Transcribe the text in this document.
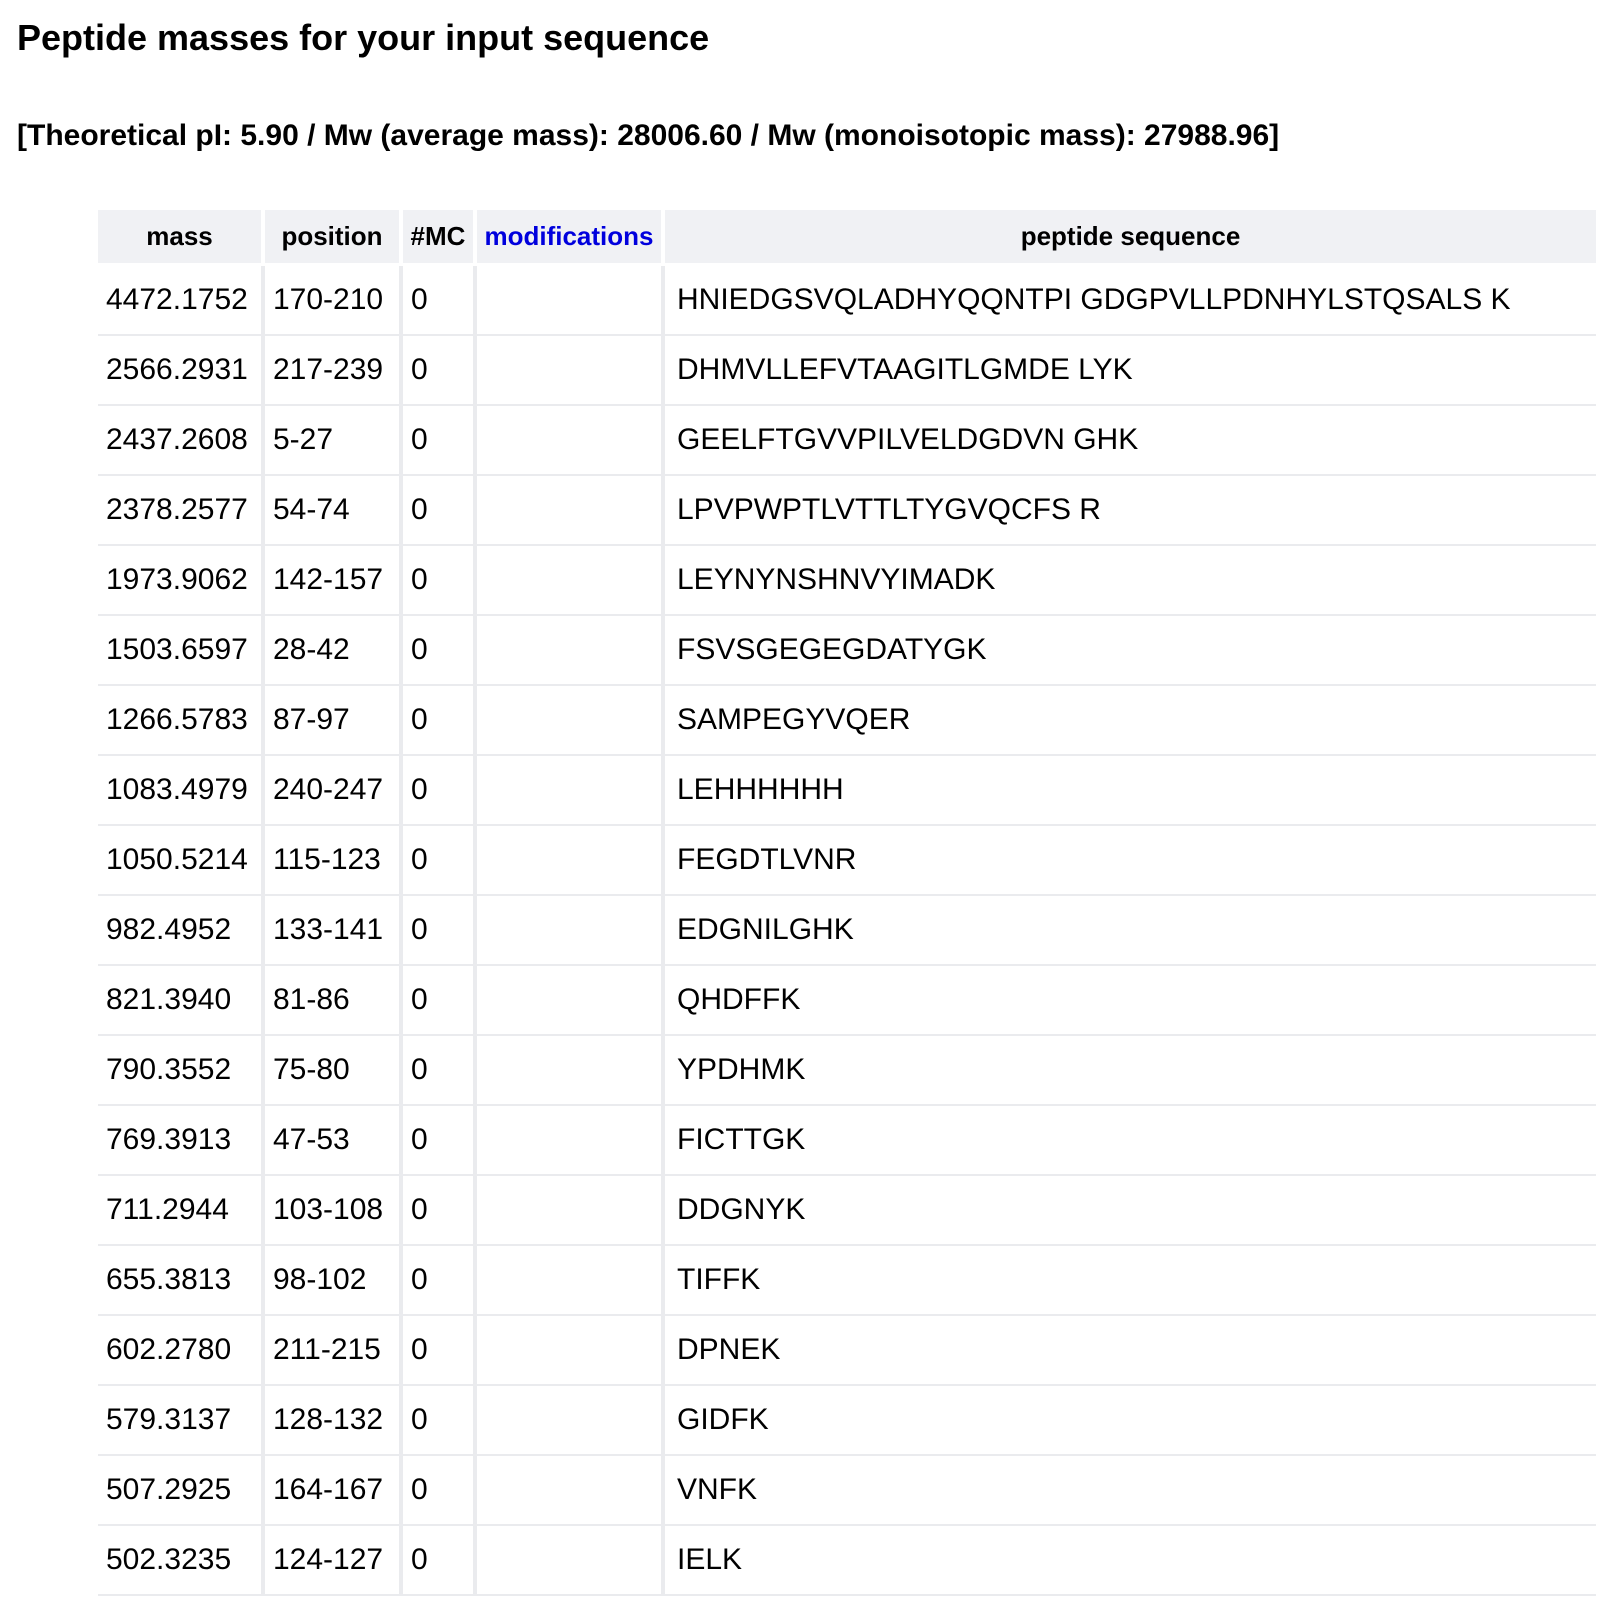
Peptide masses for your input sequence
[Theoretical pI: 5.90 / Mw (average mass): 28006.60 / Mw (monoisotopic mass): 27988.96]
mass	position	#MC	modifications	peptide sequence
4472.1752	170-210	0		HNIEDGSVQLADHYQQNTPI GDGPVLLPDNHYLSTQSALS K
2566.2931	217-239	0		DHMVLLEFVTAAGITLGMDE LYK
2437.2608	5-27	0		GEELFTGVVPILVELDGDVN GHK
2378.2577	54-74	0		LPVPWPTLVTTLTYGVQCFS R
1973.9062	142-157	0		LEYNYNSHNVYIMADK
1503.6597	28-42	0		FSVSGEGEGDATYGK
1266.5783	87-97	0		SAMPEGYVQER
1083.4979	240-247	0		LEHHHHHH
1050.5214	115-123	0		FEGDTLVNR
982.4952	133-141	0		EDGNILGHK
821.3940	81-86	0		QHDFFK
790.3552	75-80	0		YPDHMK
769.3913	47-53	0		FICTTGK
711.2944	103-108	0		DDGNYK
655.3813	98-102	0		TIFFK
602.2780	211-215	0		DPNEK
579.3137	128-132	0		GIDFK
507.2925	164-167	0		VNFK
502.3235	124-127	0		IELK
